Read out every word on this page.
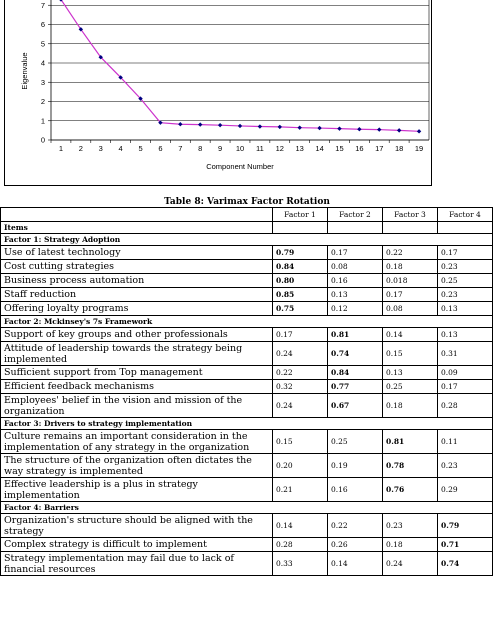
0
1
2
3
4
5
6
7
1 2 3 4 5 6 7 8 9 10 11 12 13 14 15 16 17 18 19
Component Number
Eigenvalue
Table 8: Varimax Factor Rotation
	Factor 1	Factor 2	Factor 3	Factor 4
Items				
Factor 1: Strategy Adoption				
Use of latest technology	0.79	0.17	0.22	0.17
Cost cutting strategies	0.84	0.08	0.18	0.23
Business process automation	0.80	0.16	0.018	0.25
Staff reduction	0.85	0.13	0.17	0.23
Offering loyalty programs	0.75	0.12	0.08	0.13
Factor 2: Mckinsey's 7s Framework				
Support of key groups and other professionals	0.17	0.81	0.14	0.13
Attitude of leadership towards the strategy being implemented	0.24	0.74	0.15	0.31
Sufficient support from Top management	0.22	0.84	0.13	0.09
Efficient feedback mechanisms	0.32	0.77	0.25	0.17
Employees' belief in the vision and mission of the organization	0.24	0.67	0.18	0.28
Factor 3: Drivers to strategy implementation				
Culture remains an important consideration in the implementation of any strategy in the organization	0.15	0.25	0.81	0.11
The structure of the organization often dictates the way strategy is implemented	0.20	0.19	0.78	0.23
Effective leadership is a plus in strategy implementation	0.21	0.16	0.76	0.29
Factor 4: Barriers				
Organization's structure should be aligned with the strategy	0.14	0.22	0.23	0.79
Complex strategy is difficult to implement	0.28	0.26	0.18	0.71
Strategy implementation may fail due to lack of financial resources	0.33	0.14	0.24	0.74
